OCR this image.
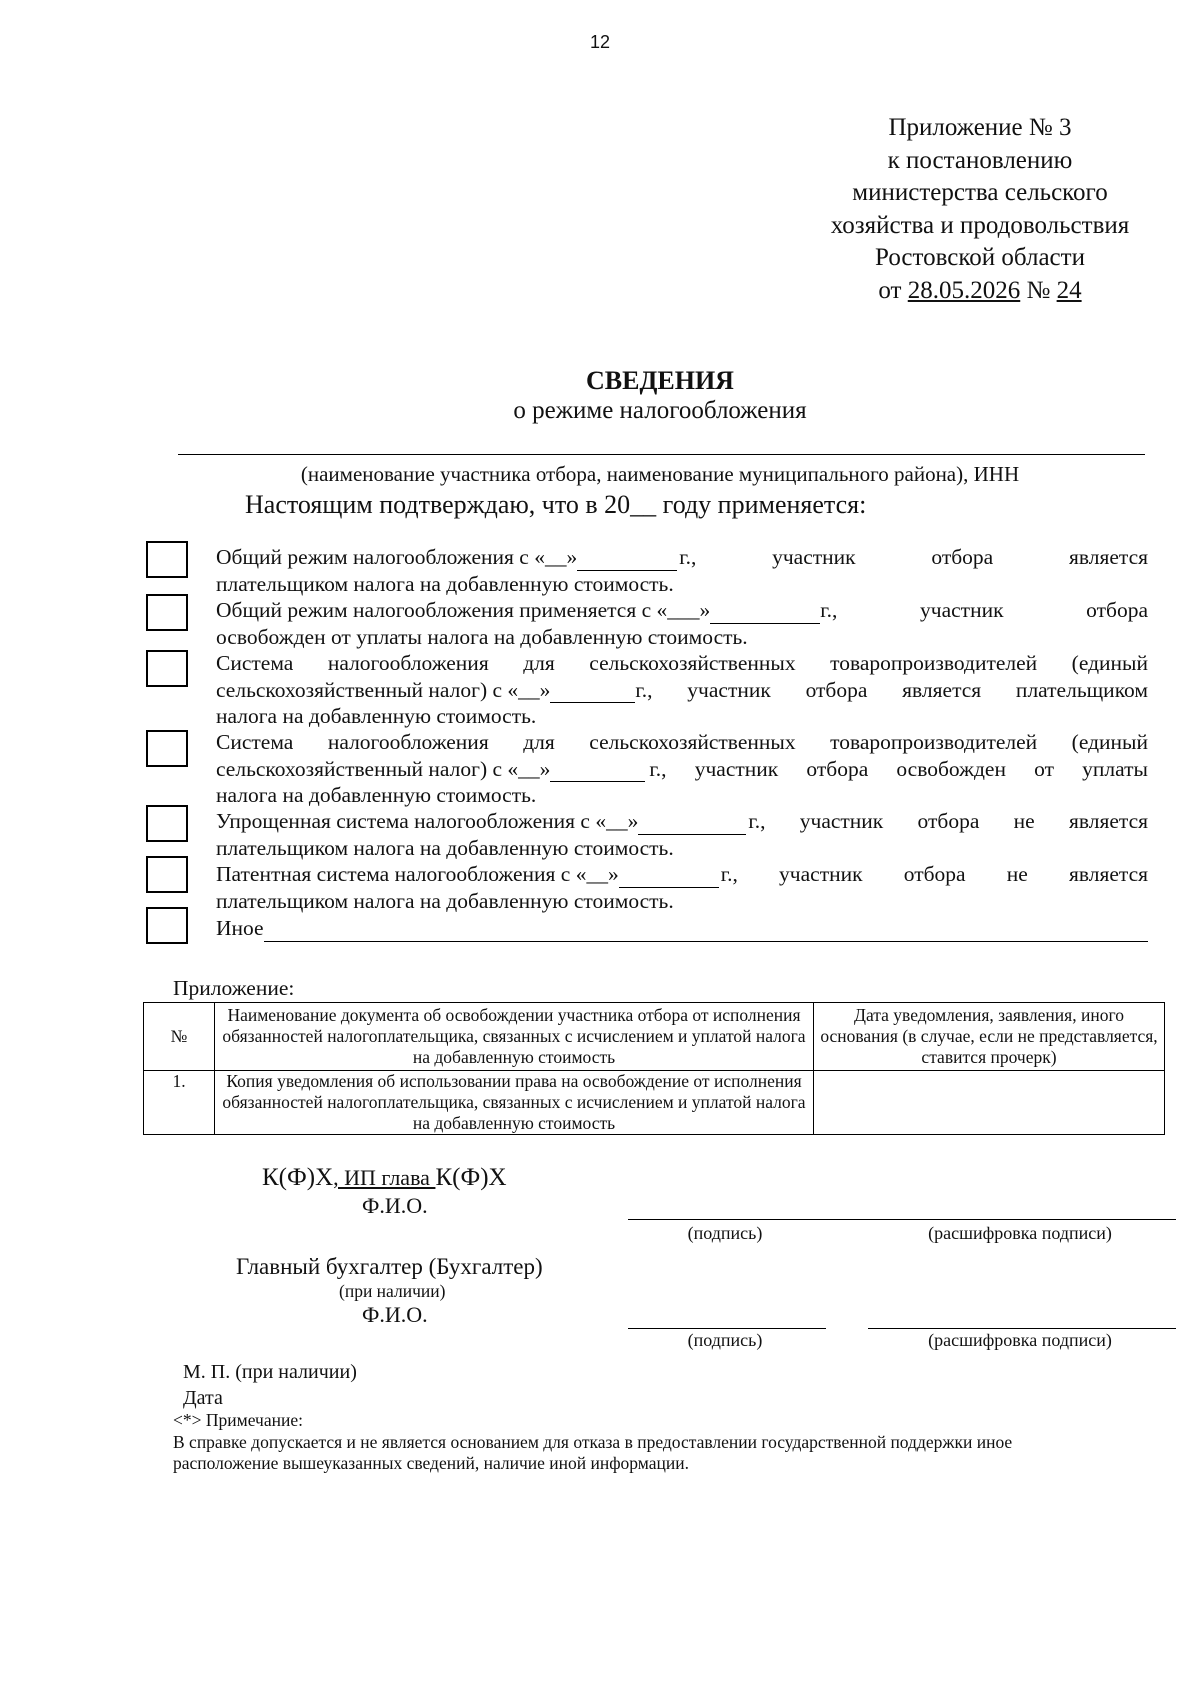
12
Приложение № 3
к постановлению
министерства сельского
хозяйства и продовольствия
Ростовской области
от 28.05.2026 № 24
СВЕДЕНИЯ
о режиме налогообложения
(наименование участника отбора, наименование муниципального района), ИНН
Настоящим подтверждаю, что в 20__ году применяется:
Общий режим налогообложения с «__»	г., участник отбора является
плательщиком налога на добавленную стоимость.
Общий режим налогообложения применяется с «___»	г., участник отбора
освобожден от уплаты налога на добавленную стоимость.
Система налогообложения для сельскохозяйственных товаропроизводителей (единый
сельскохозяйственный налог) с «__»	г., участник отбора является плательщиком
налога на добавленную стоимость.
Система налогообложения для сельскохозяйственных товаропроизводителей (единый
сельскохозяйственный налог) с «__»	г., участник отбора освобожден от уплаты
налога на добавленную стоимость.
Упрощенная система налогообложения с «__»	г., участник отбора не является
плательщиком налога на добавленную стоимость.
Патентная система налогообложения с «__»	г., участник отбора не является
плательщиком налога на добавленную стоимость.
Иное
Приложение:
№	Наименование документа об освобождении участника отбора от исполнения обязанностей налогоплательщика, связанных с исчислением и уплатой налога на добавленную стоимость	Дата уведомления, заявления, иного основания (в случае, если не представляется, ставится прочерк)
1.	Копия уведомления об использовании права на освобождение от исполнения обязанностей налогоплательщика, связанных с исчислением и уплатой налога на добавленную стоимость	
К(Ф)Х, ИП глава К(Ф)Х
Ф.И.О.
(подпись)	(расшифровка подписи)
Главный бухгалтер (Бухгалтер)
(при наличии)
Ф.И.О.
(подпись)	(расшифровка подписи)
М. П. (при наличии)
Дата
<*> Примечание:
В справке допускается и не является основанием для отказа в предоставлении государственной поддержки иное
расположение вышеуказанных сведений, наличие иной информации.
